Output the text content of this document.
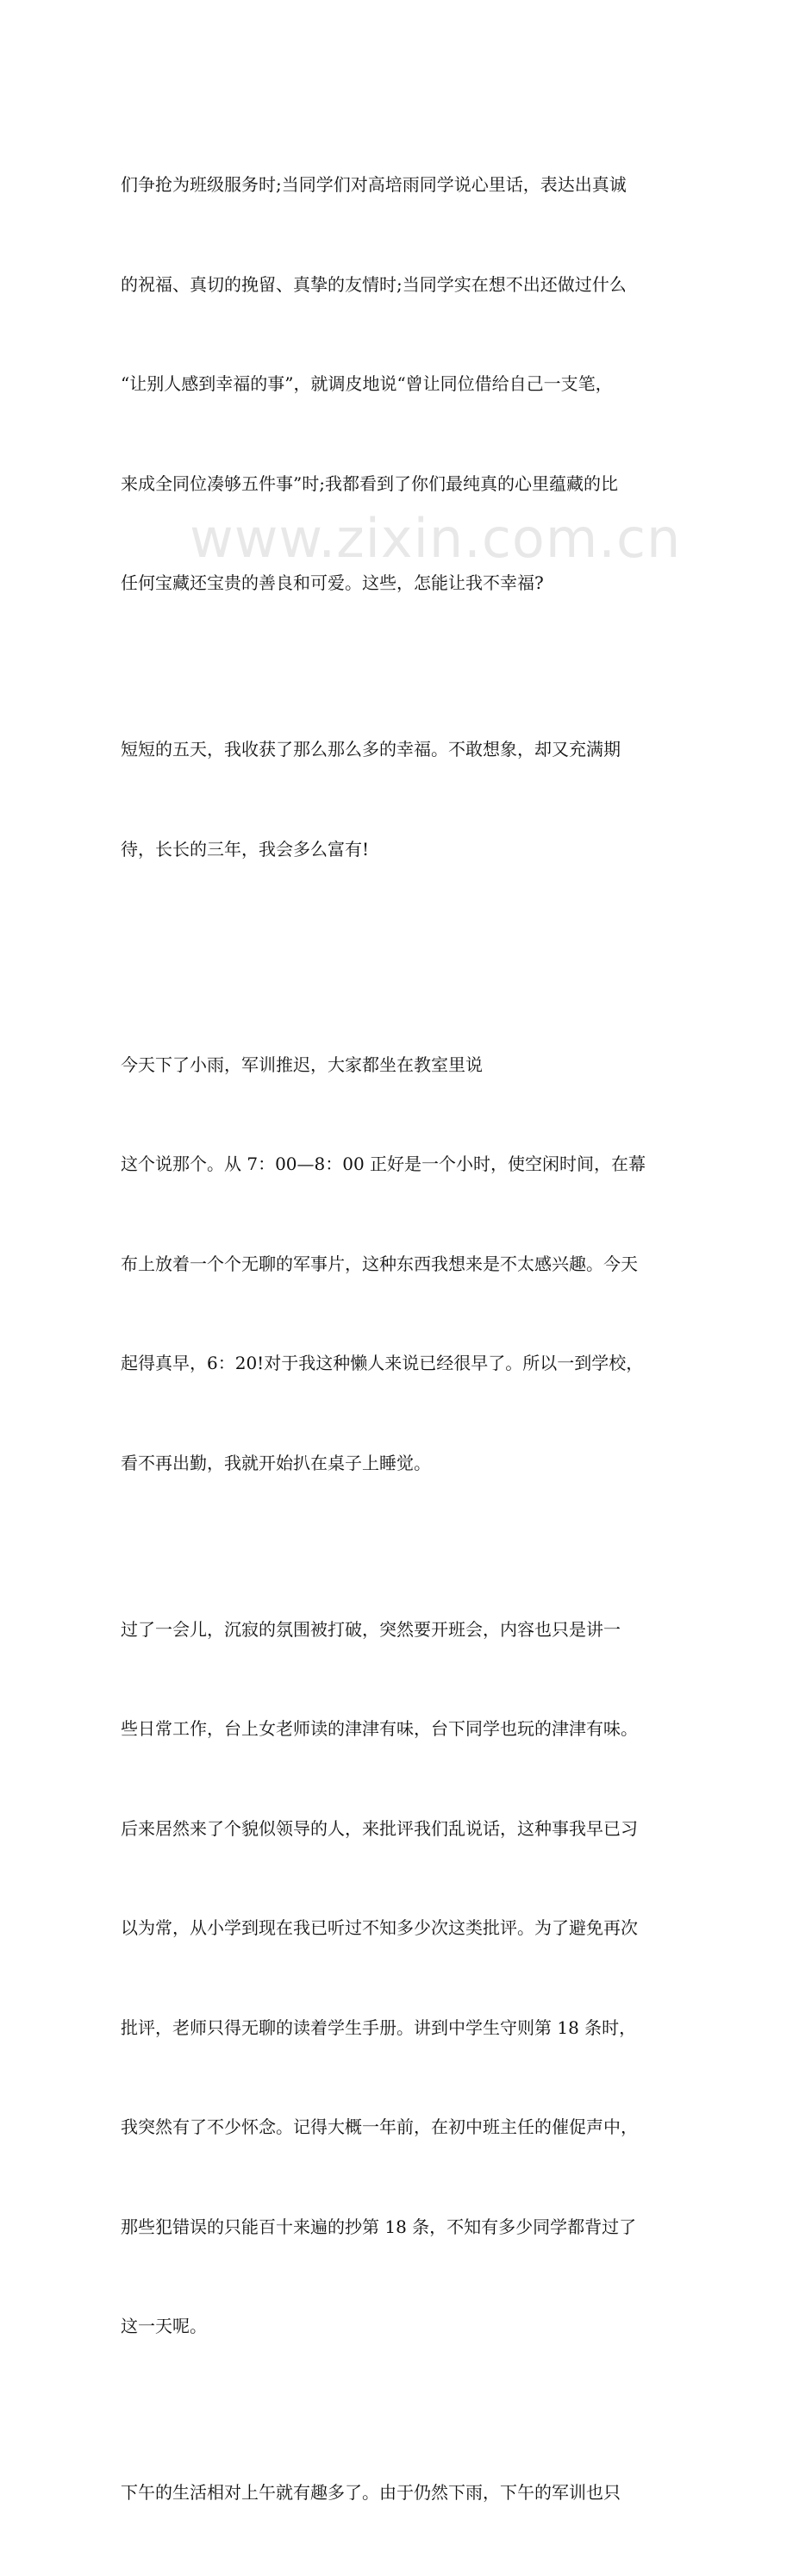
www.zixin.com.cn

们争抢为班级服务时;当同学们对高培雨同学说心里话，表达出真诚

的祝福、真切的挽留、真挚的友情时;当同学实在想不出还做过什么

“让别人感到幸福的事”，就调皮地说“曾让同位借给自己一支笔，

来成全同位凑够五件事”时;我都看到了你们最纯真的心里蕴藏的比

任何宝藏还宝贵的善良和可爱。这些，怎能让我不幸福?

短短的五天，我收获了那么那么多的幸福。不敢想象，却又充满期

待，长长的三年，我会多么富有!

今天下了小雨，军训推迟，大家都坐在教室里说

这个说那个。从 7：00—8：00 正好是一个小时，使空闲时间，在幕

布上放着一个个无聊的军事片，这种东西我想来是不太感兴趣。今天

起得真早，6：20!对于我这种懒人来说已经很早了。所以一到学校，

看不再出勤，我就开始扒在桌子上睡觉。

过了一会儿，沉寂的氛围被打破，突然要开班会，内容也只是讲一

些日常工作，台上女老师读的津津有味，台下同学也玩的津津有味。

后来居然来了个貌似领导的人，来批评我们乱说话，这种事我早已习

以为常，从小学到现在我已听过不知多少次这类批评。为了避免再次

批评，老师只得无聊的读着学生手册。讲到中学生守则第 18 条时，

我突然有了不少怀念。记得大概一年前，在初中班主任的催促声中，

那些犯错误的只能百十来遍的抄第 18 条，不知有多少同学都背过了

这一天呢。

下午的生活相对上午就有趣多了。由于仍然下雨，下午的军训也只
